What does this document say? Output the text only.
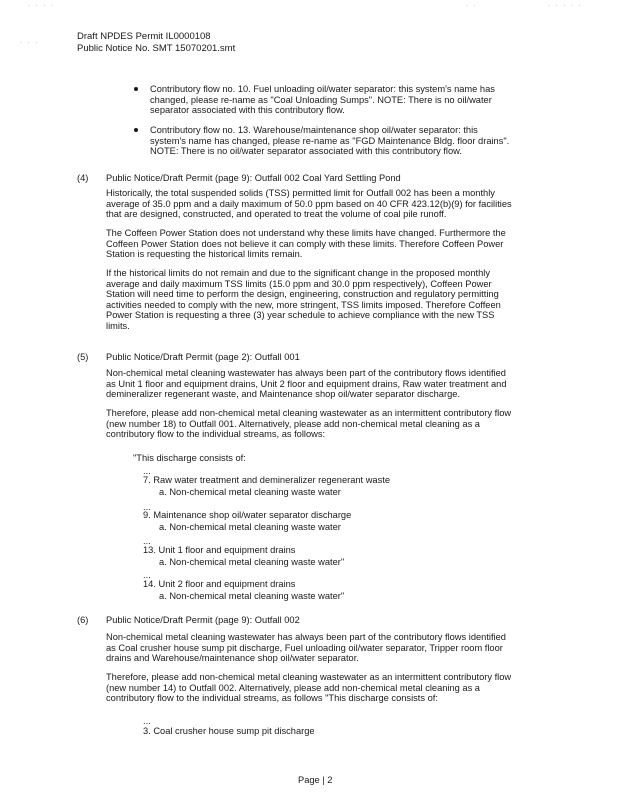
· · · ·	· ·	· · · · ·
· · ·
Draft NPDES Permit IL0000108
Public Notice No. SMT 15070201.smt
Contributory flow no. 10. Fuel unloading oil/water separator: this system's name has
changed, please re-name as "Coal Unloading Sumps". NOTE: There is no oil/water
separator associated with this contributory flow.
Contributory flow no. 13. Warehouse/maintenance shop oil/water separator: this
system's name has changed, please re-name as "FGD Maintenance Bldg. floor drains".
NOTE: There is no oil/water separator associated with this contributory flow.
(4) Public Notice/Draft Permit (page 9): Outfall 002 Coal Yard Settling Pond
Historically, the total suspended solids (TSS) permitted limit for Outfall 002 has been a monthly
average of 35.0 ppm and a daily maximum of 50.0 ppm based on 40 CFR 423.12(b)(9) for facilities
that are designed, constructed, and operated to treat the volume of coal pile runoff.
The Coffeen Power Station does not understand why these limits have changed. Furthermore the
Coffeen Power Station does not believe it can comply with these limits. Therefore Coffeen Power
Station is requesting the historical limits remain.
If the historical limits do not remain and due to the significant change in the proposed monthly
average and daily maximum TSS limits (15.0 ppm and 30.0 ppm respectively), Coffeen Power
Station will need time to perform the design, engineering, construction and regulatory permitting
activities needed to comply with the new, more stringent, TSS limits imposed. Therefore Coffeen
Power Station is requesting a three (3) year schedule to achieve compliance with the new TSS
limits.
(5) Public Notice/Draft Permit (page 2): Outfall 001
Non-chemical metal cleaning wastewater has always been part of the contributory flows identified
as Unit 1 floor and equipment drains, Unit 2 floor and equipment drains, Raw water treatment and
demineralizer regenerant waste, and Maintenance shop oil/water separator discharge.
Therefore, please add non-chemical metal cleaning wastewater as an intermittent contributory flow
(new number 18) to Outfall 001. Alternatively, please add non-chemical metal cleaning as a
contributory flow to the individual streams, as follows:
"This discharge consists of:
...
7. Raw water treatment and demineralizer regenerant waste
a. Non-chemical metal cleaning waste water
...
9. Maintenance shop oil/water separator discharge
a. Non-chemical metal cleaning waste water
...
13. Unit 1 floor and equipment drains
a. Non-chemical metal cleaning waste water"
...
14. Unit 2 floor and equipment drains
a. Non-chemical metal cleaning waste water"
(6) Public Notice/Draft Permit (page 9): Outfall 002
Non-chemical metal cleaning wastewater has always been part of the contributory flows identified
as Coal crusher house sump pit discharge, Fuel unloading oil/water separator, Tripper room floor
drains and Warehouse/maintenance shop oil/water separator.
Therefore, please add non-chemical metal cleaning wastewater as an intermittent contributory flow
(new number 14) to Outfall 002. Alternatively, please add non-chemical metal cleaning as a
contributory flow to the individual streams, as follows "This discharge consists of:
...
3. Coal crusher house sump pit discharge
Page | 2
